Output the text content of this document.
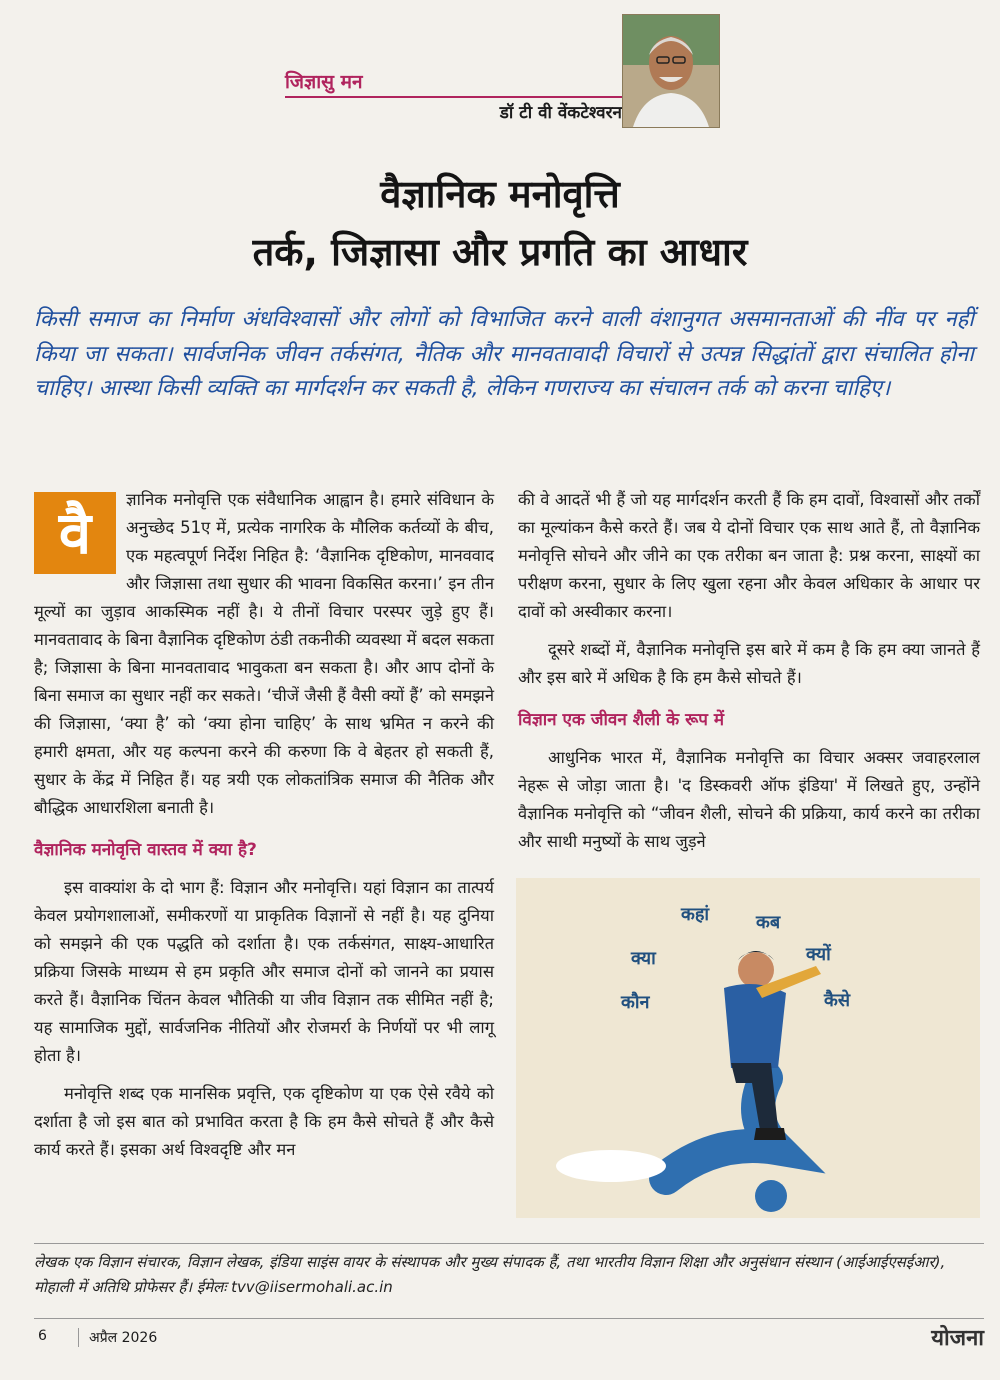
जिज्ञासु मन
डॉ टी वी वेंकटेश्वरन
वैज्ञानिक मनोवृत्ति
तर्क, जिज्ञासा और प्रगति का आधार
किसी समाज का निर्माण अंधविश्वासों और लोगों को विभाजित करने वाली वंशानुगत असमानताओं की नींव पर नहीं किया जा सकता। सार्वजनिक जीवन तर्कसंगत, नैतिक और मानवतावादी विचारों से उत्पन्न सिद्धांतों द्वारा संचालित होना चाहिए। आस्था किसी व्यक्ति का मार्गदर्शन कर सकती है, लेकिन गणराज्य का संचालन तर्क को करना चाहिए।

वै	ज्ञानिक मनोवृत्ति एक संवैधानिक आह्वान है। हमारे संविधान के अनुच्छेद 51ए में, प्रत्येक नागरिक के मौलिक कर्तव्यों के बीच, एक महत्वपूर्ण निर्देश निहित है: ‘वैज्ञानिक दृष्टिकोण, मानववाद और जिज्ञासा तथा सुधार की भावना विकसित करना।’ इन तीन मूल्यों का जुड़ाव आकस्मिक नहीं है। ये तीनों विचार परस्पर जुड़े हुए हैं। मानवतावाद के बिना वैज्ञानिक दृष्टिकोण ठंडी तकनीकी व्यवस्था में बदल सकता है; जिज्ञासा के बिना मानवतावाद भावुकता बन सकता है। और आप दोनों के बिना समाज का सुधार नहीं कर सकते। ‘चीजें जैसी हैं वैसी क्यों हैं’ को समझने की जिज्ञासा, ‘क्या है’ को ‘क्या होना चाहिए’ के साथ भ्रमित न करने की हमारी क्षमता, और यह कल्पना करने की करुणा कि वे बेहतर हो सकती हैं, सुधार के केंद्र में निहित हैं। यह त्रयी एक लोकतांत्रिक समाज की नैतिक और बौद्धिक आधारशिला बनाती है।

वैज्ञानिक मनोवृत्ति वास्तव में क्या है?

इस वाक्यांश के दो भाग हैं: विज्ञान और मनोवृत्ति। यहां विज्ञान का तात्पर्य केवल प्रयोगशालाओं, समीकरणों या प्राकृतिक विज्ञानों से नहीं है। यह दुनिया को समझने की एक पद्धति को दर्शाता है। एक तर्कसंगत, साक्ष्य-आधारित प्रक्रिया जिसके माध्यम से हम प्रकृति और समाज दोनों को जानने का प्रयास करते हैं। वैज्ञानिक चिंतन केवल भौतिकी या जीव विज्ञान तक सीमित नहीं है; यह सामाजिक मुद्दों, सार्वजनिक नीतियों और रोजमर्रा के निर्णयों पर भी लागू होता है।

मनोवृत्ति शब्द एक मानसिक प्रवृत्ति, एक दृष्टिकोण या एक ऐसे रवैये को दर्शाता है जो इस बात को प्रभावित करता है कि हम कैसे सोचते हैं और कैसे कार्य करते हैं। इसका अर्थ विश्वदृष्टि और मन

की वे आदतें भी हैं जो यह मार्गदर्शन करती हैं कि हम दावों, विश्वासों और तर्कों का मूल्यांकन कैसे करते हैं। जब ये दोनों विचार एक साथ आते हैं, तो वैज्ञानिक मनोवृत्ति सोचने और जीने का एक तरीका बन जाता है: प्रश्न करना, साक्ष्यों का परीक्षण करना, सुधार के लिए खुला रहना और केवल अधिकार के आधार पर दावों को अस्वीकार करना।

दूसरे शब्दों में, वैज्ञानिक मनोवृत्ति इस बारे में कम है कि हम क्या जानते हैं और इस बारे में अधिक है कि हम कैसे सोचते हैं।

विज्ञान एक जीवन शैली के रूप में

आधुनिक भारत में, वैज्ञानिक मनोवृत्ति का विचार अक्सर जवाहरलाल नेहरू से जोड़ा जाता है। 'द डिस्कवरी ऑफ इंडिया' में लिखते हुए, उन्होंने वैज्ञानिक मनोवृत्ति को “जीवन शैली, सोचने की प्रक्रिया, कार्य करने का तरीका और साथी मनुष्यों के साथ जुड़ने

कहां	कब
क्या	क्यों
कौन	कैसे
लेखक एक विज्ञान संचारक, विज्ञान लेखक, इंडिया साइंस वायर के संस्थापक और मुख्य संपादक हैं, तथा भारतीय विज्ञान शिक्षा और अनुसंधान संस्थान (आईआईएसईआर), मोहाली में अतिथि प्रोफेसर हैं। ईमेलः tvv@iisermohali.ac.in
6	अप्रैल 2026	योजना
